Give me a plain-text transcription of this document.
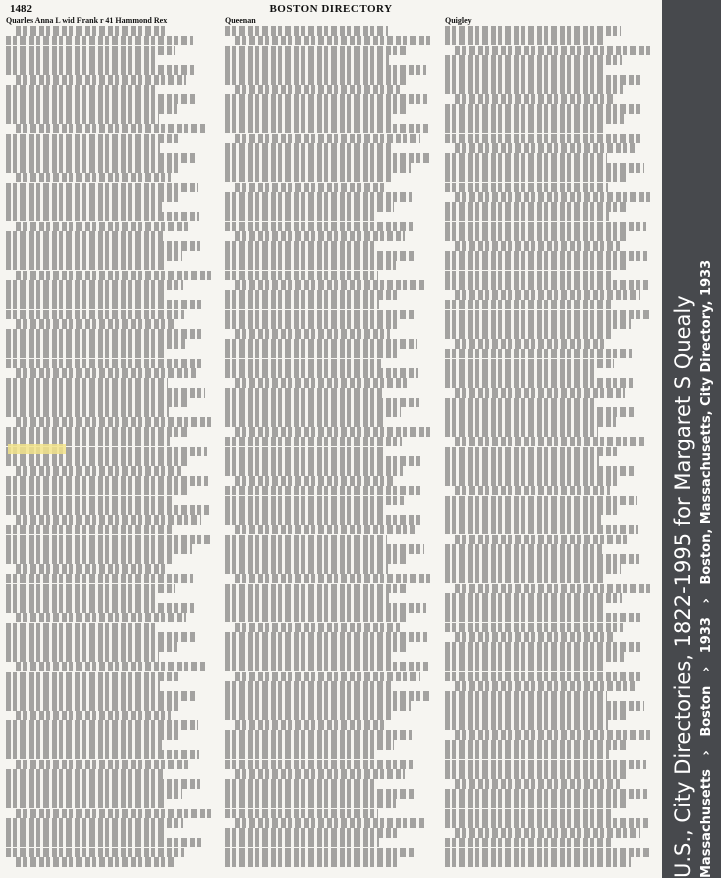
1482	BOSTON DIRECTORY
Quarles Anna L wid Frank r 41 Hammond Rex	Queenan	Quigley
U.S., City Directories, 1822-1995 for Margaret S Quealy Massachusetts › Boston › 1933 › Boston, Massachusetts, City Directory, 1933
